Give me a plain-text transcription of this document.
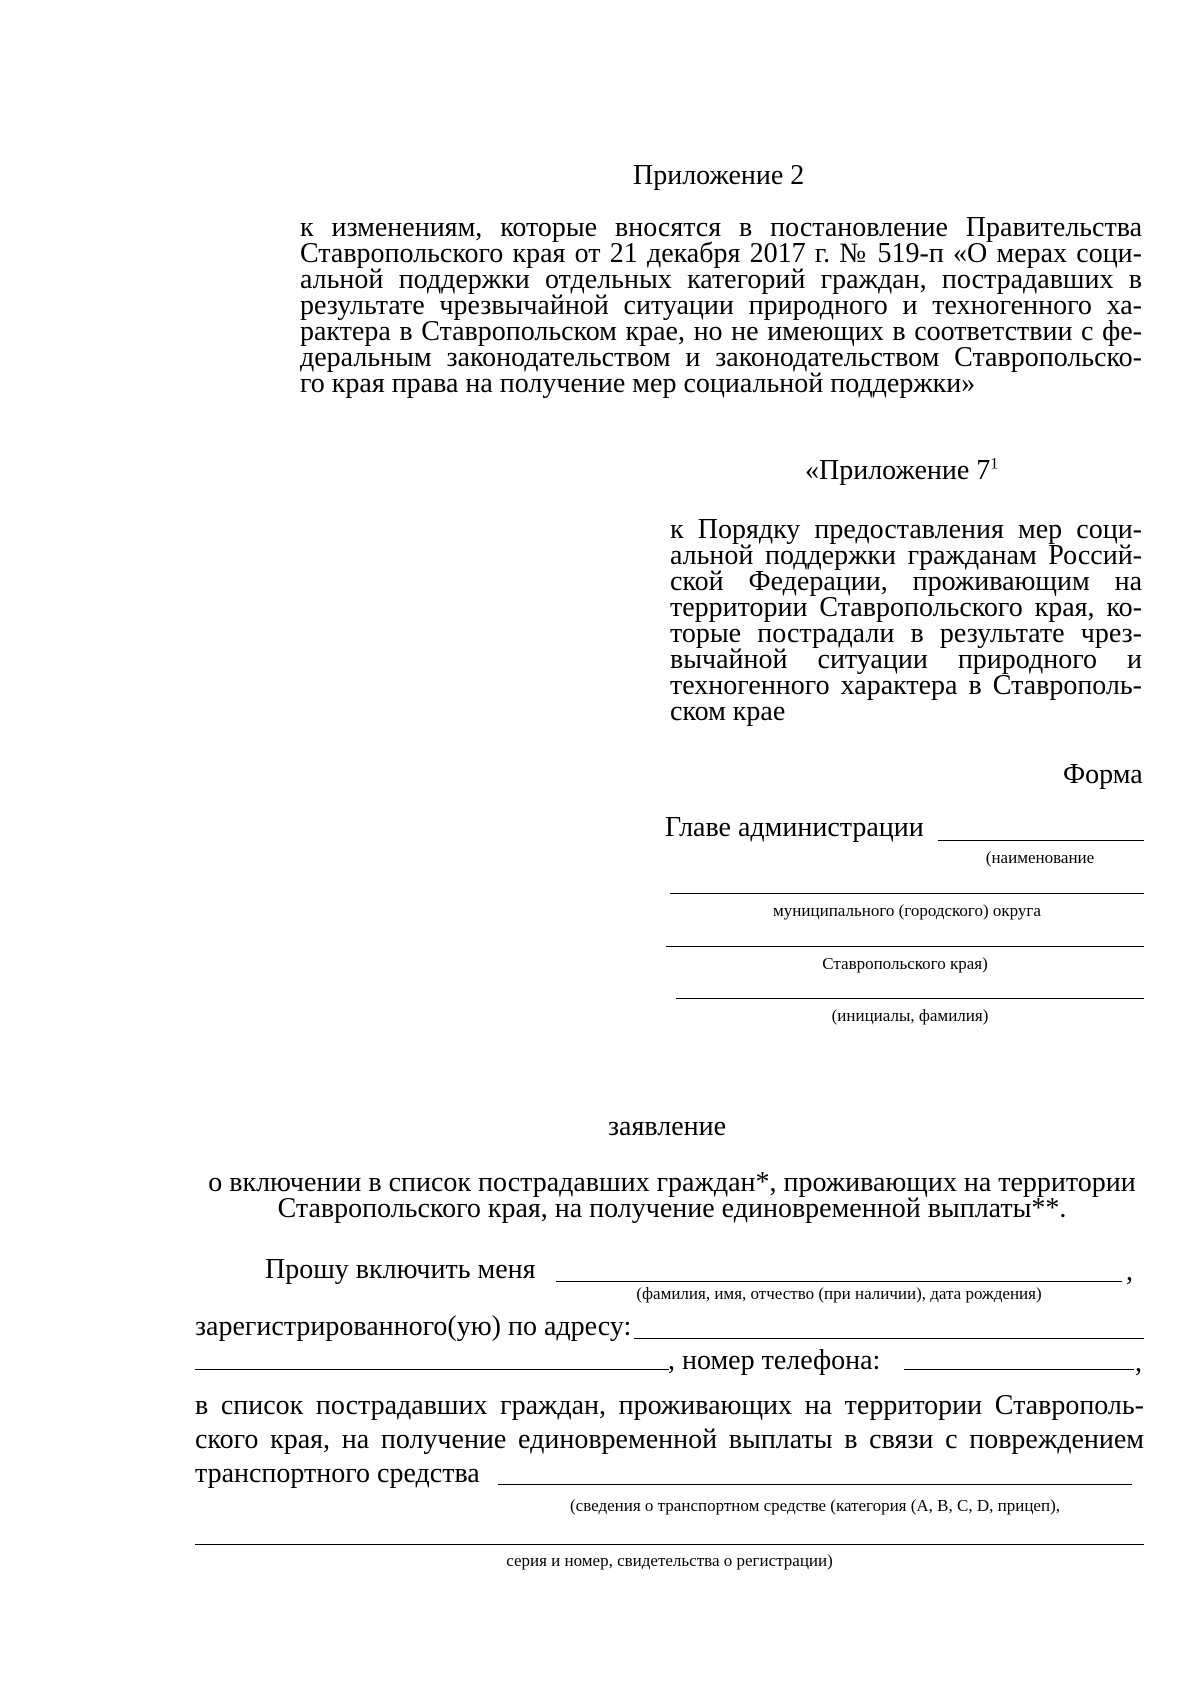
Приложение 2
к изменениям, которые вносятся в постановление Правительства
Ставропольского края от 21 декабря 2017 г. № 519-п «О мерах соци-
альной поддержки отдельных категорий граждан, пострадавших в
результате чрезвычайной ситуации природного и техногенного ха-
рактера в Ставропольском крае, но не имеющих в соответствии с фе-
деральным законодательством и законодательством Ставропольско-
го края права на получение мер социальной поддержки»
«Приложение $7^1$
к Порядку предоставления мер соци-
альной поддержки гражданам Россий-
ской Федерации, проживающим на
территории Ставропольского края, ко-
торые пострадали в результате чрез-
вычайной ситуации природного и
техногенного характера в Ставрополь-
ском крае
Форма
Главе администрации
(наименование
муниципального (городского) округа
Ставропольского края)
(инициалы, фамилия)
заявление
о включении в список пострадавших граждан*, проживающих на территории
Ставропольского края, на получение единовременной выплаты**.
Прошу включить меня	,
(фамилия, имя, отчество (при наличии), дата рождения)
зарегистрированного(ую) по адресу:
, номер телефона:	,
в список пострадавших граждан, проживающих на территории Ставрополь-
ского края, на получение единовременной выплаты в связи с повреждением
транспортного средства
(сведения о транспортном средстве (категория (А, В, С, D, прицеп),
серия и номер, свидетельства о регистрации)
